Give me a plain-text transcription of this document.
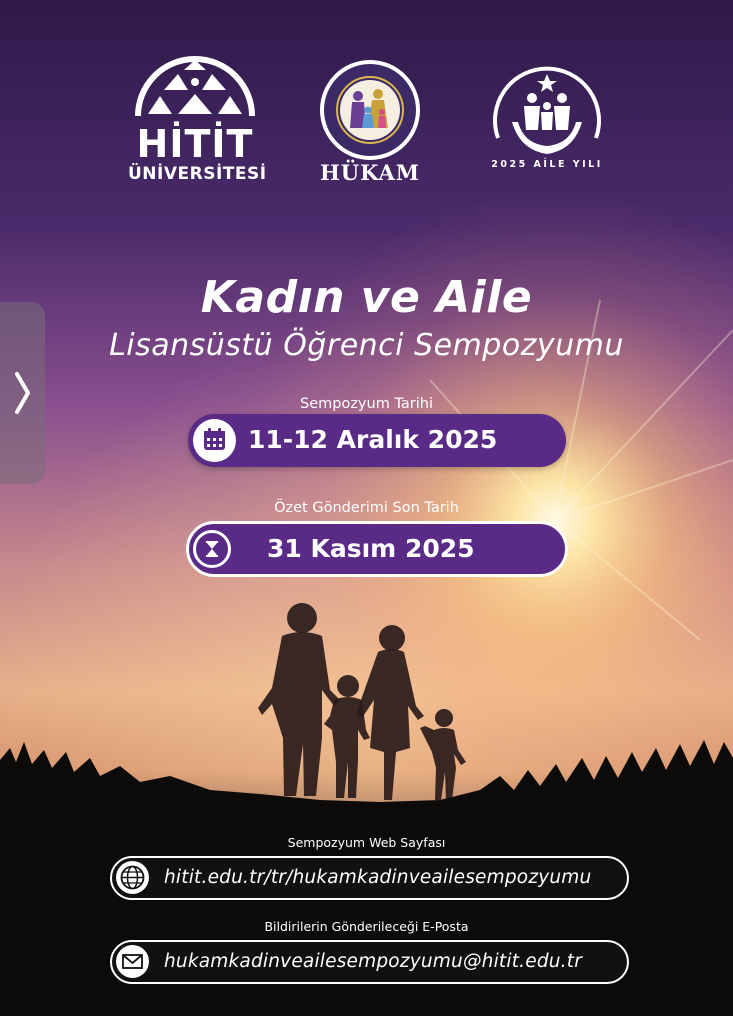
HİTİT
ÜNİVERSİTESİ	HÜKAM	2025 AİLE YILI
Kadın ve Aile
Lisansüstü Öğrenci Sempozyumu
Sempozyum Tarihi
11-12 Aralık 2025
Özet Gönderimi Son Tarih
31 Kasım 2025
Sempozyum Web Sayfası
hitit.edu.tr/tr/hukamkadinveailesempozyumu
Bildirilerin Gönderileceği E-Posta
hukamkadinveailesempozyumu@hitit.edu.tr
